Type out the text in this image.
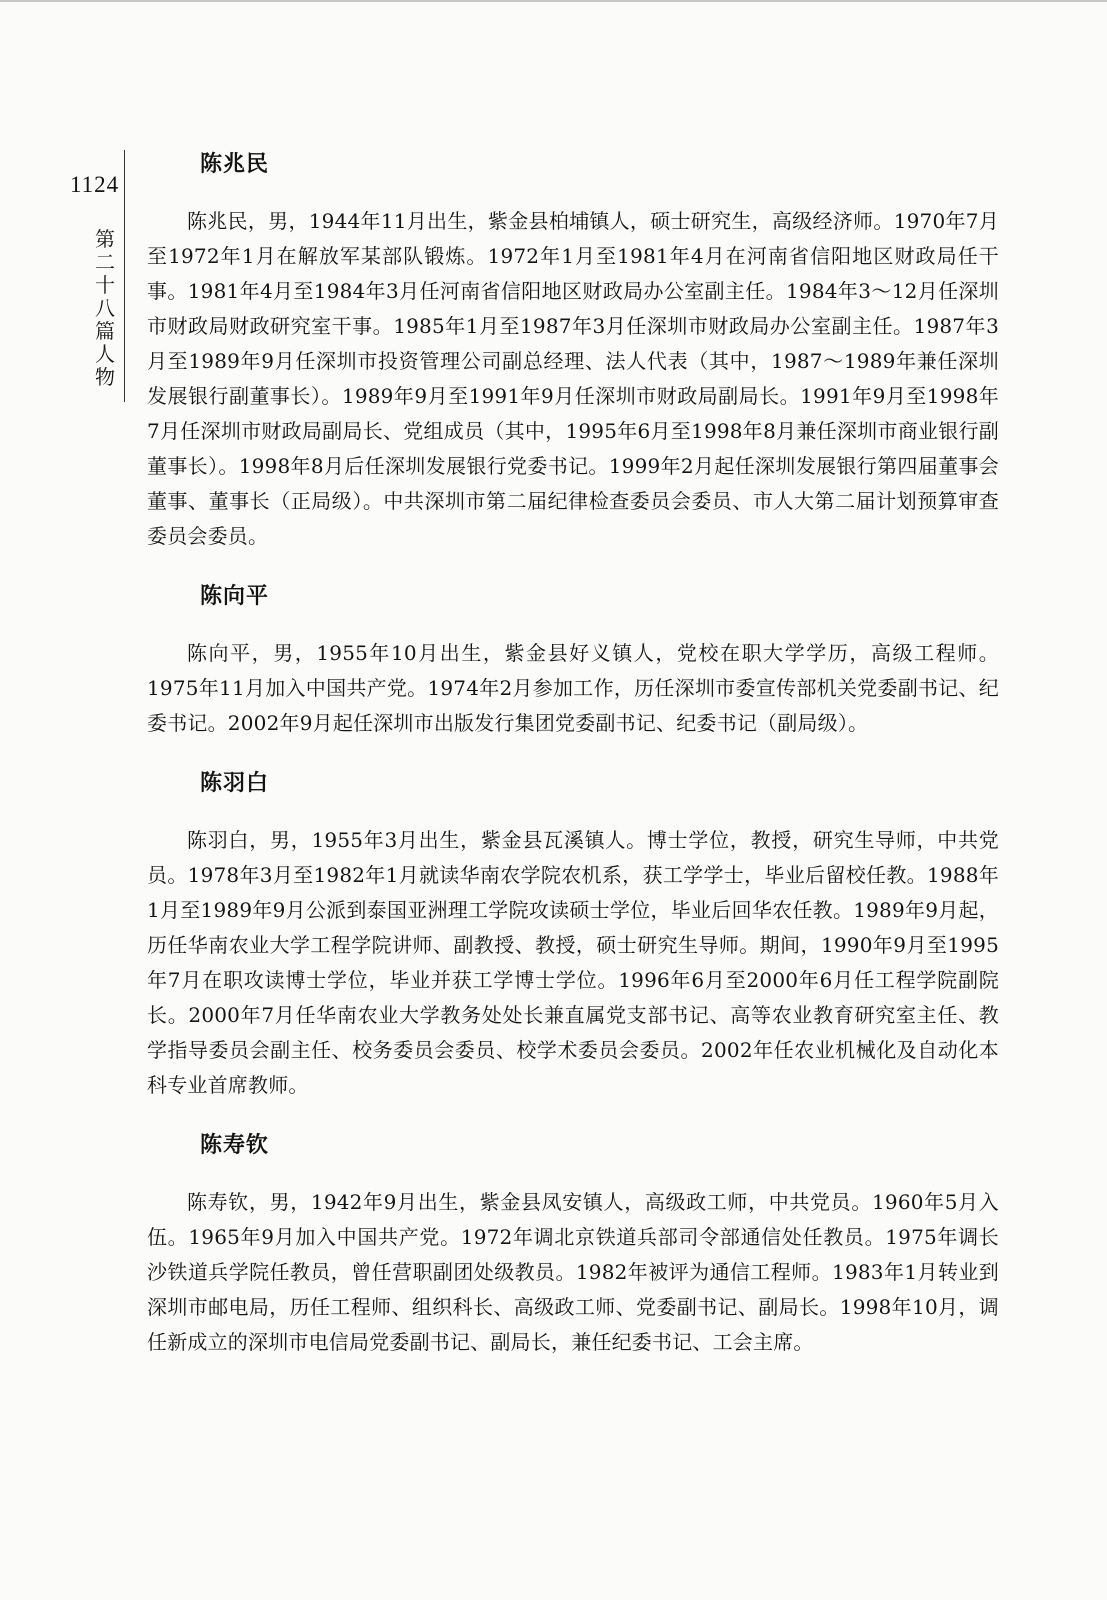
1124
第二十八篇 人物
陈兆民

陈兆民，男，1944年11月出生，紫金县柏埔镇人，硕士研究生，高级经济师。1970年7月至1972年1月在解放军某部队锻炼。1972年1月至1981年4月在河南省信阳地区财政局任干事。1981年4月至1984年3月任河南省信阳地区财政局办公室副主任。1984年3～12月任深圳市财政局财政研究室干事。1985年1月至1987年3月任深圳市财政局办公室副主任。1987年3月至1989年9月任深圳市投资管理公司副总经理、法人代表（其中，1987～1989年兼任深圳发展银行副董事长）。1989年9月至1991年9月任深圳市财政局副局长。1991年9月至1998年7月任深圳市财政局副局长、党组成员（其中，1995年6月至1998年8月兼任深圳市商业银行副董事长）。1998年8月后任深圳发展银行党委书记。1999年2月起任深圳发展银行第四届董事会董事、董事长（正局级）。中共深圳市第二届纪律检查委员会委员、市人大第二届计划预算审查委员会委员。

陈向平

陈向平，男，1955年10月出生，紫金县好义镇人，党校在职大学学历，高级工程师。1975年11月加入中国共产党。1974年2月参加工作，历任深圳市委宣传部机关党委副书记、纪委书记。2002年9月起任深圳市出版发行集团党委副书记、纪委书记（副局级）。

陈羽白

陈羽白，男，1955年3月出生，紫金县瓦溪镇人。博士学位，教授，研究生导师，中共党员。1978年3月至1982年1月就读华南农学院农机系，获工学学士，毕业后留校任教。1988年1月至1989年9月公派到泰国亚洲理工学院攻读硕士学位，毕业后回华农任教。1989年9月起，历任华南农业大学工程学院讲师、副教授、教授，硕士研究生导师。期间，1990年9月至1995年7月在职攻读博士学位，毕业并获工学博士学位。1996年6月至2000年6月任工程学院副院长。2000年7月任华南农业大学教务处处长兼直属党支部书记、高等农业教育研究室主任、教学指导委员会副主任、校务委员会委员、校学术委员会委员。2002年任农业机械化及自动化本科专业首席教师。

陈寿钦

陈寿钦，男，1942年9月出生，紫金县凤安镇人，高级政工师，中共党员。1960年5月入伍。1965年9月加入中国共产党。1972年调北京铁道兵部司令部通信处任教员。1975年调长沙铁道兵学院任教员，曾任营职副团处级教员。1982年被评为通信工程师。1983年1月转业到深圳市邮电局，历任工程师、组织科长、高级政工师、党委副书记、副局长。1998年10月，调任新成立的深圳市电信局党委副书记、副局长，兼任纪委书记、工会主席。
